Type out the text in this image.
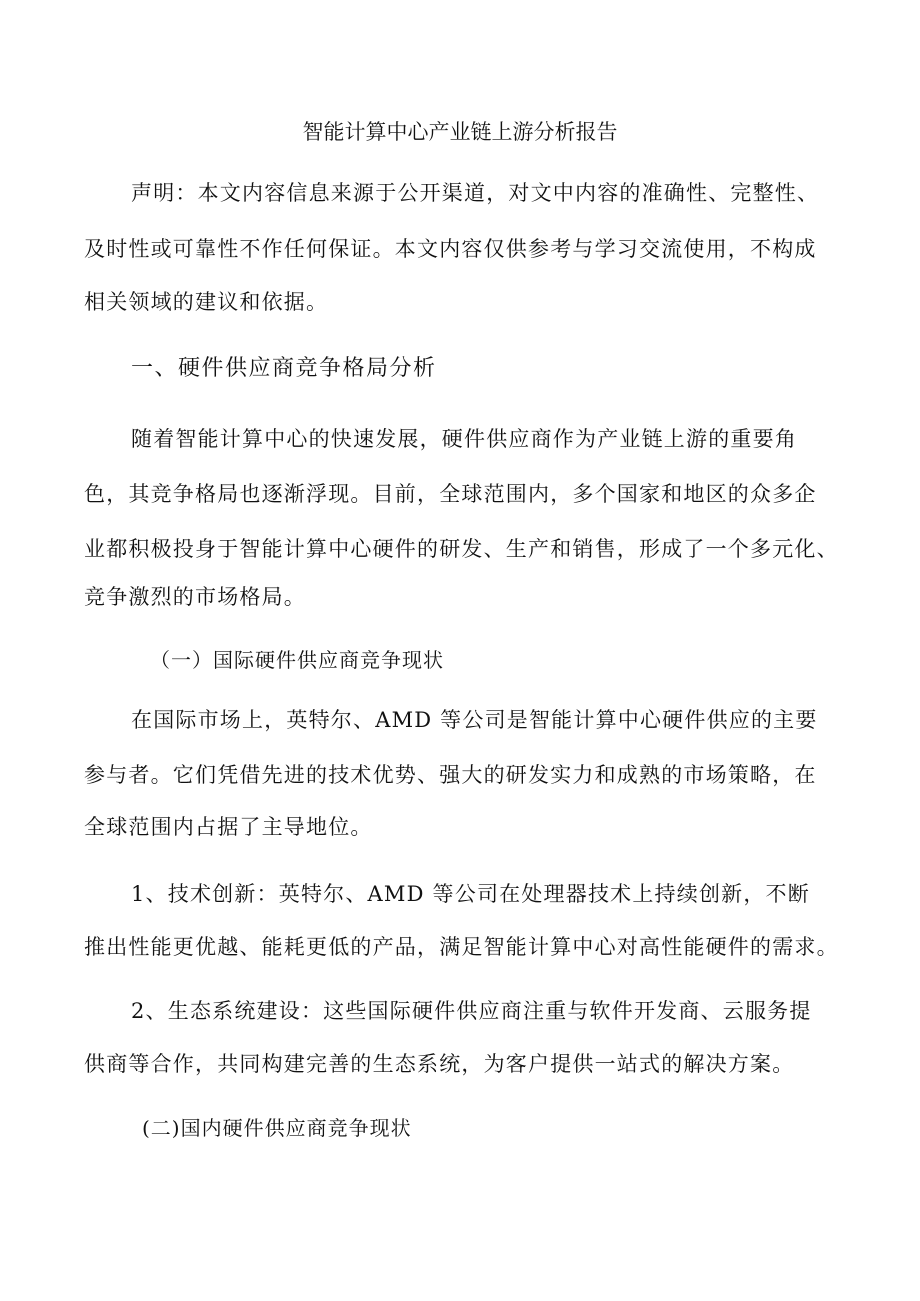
智能计算中心产业链上游分析报告
声明：本文内容信息来源于公开渠道，对文中内容的准确性、完整性、
及时性或可靠性不作任何保证。本文内容仅供参考与学习交流使用，不构成
相关领域的建议和依据。
一、硬件供应商竞争格局分析
随着智能计算中心的快速发展，硬件供应商作为产业链上游的重要角
色，其竞争格局也逐渐浮现。目前，全球范围内，多个国家和地区的众多企
业都积极投身于智能计算中心硬件的研发、生产和销售，形成了一个多元化、
竞争激烈的市场格局。
（一）国际硬件供应商竞争现状
在国际市场上，英特尔、AMD 等公司是智能计算中心硬件供应的主要
参与者。它们凭借先进的技术优势、强大的研发实力和成熟的市场策略，在
全球范围内占据了主导地位。
1、技术创新：英特尔、AMD 等公司在处理器技术上持续创新，不断
推出性能更优越、能耗更低的产品，满足智能计算中心对高性能硬件的需求。
2、生态系统建设：这些国际硬件供应商注重与软件开发商、云服务提
供商等合作，共同构建完善的生态系统，为客户提供一站式的解决方案。
(二)国内硬件供应商竞争现状
